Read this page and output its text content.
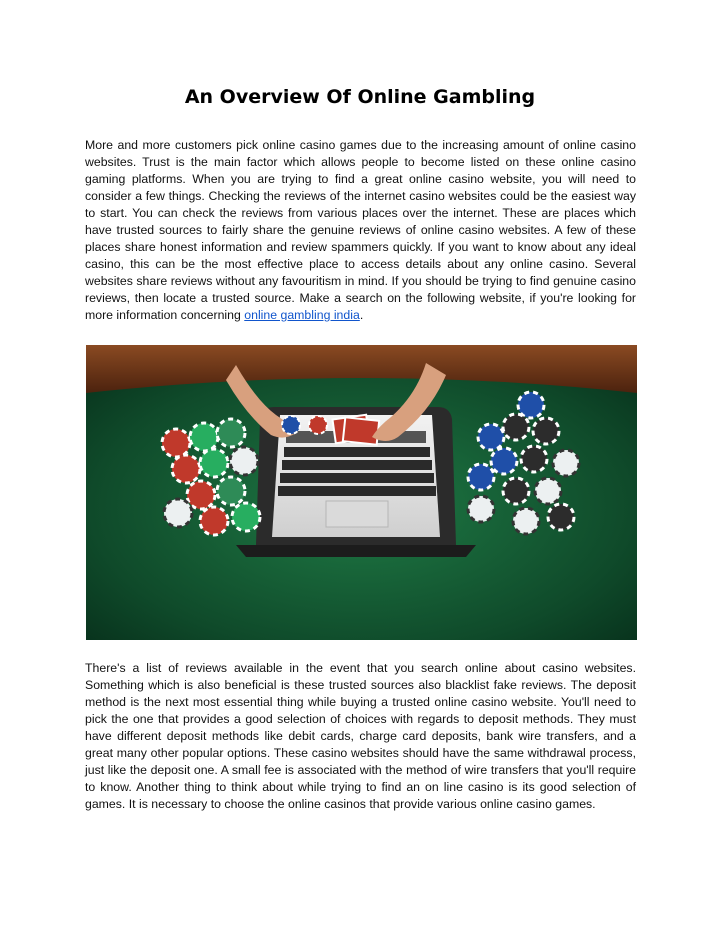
An Overview Of Online Gambling

More and more customers pick online casino games due to the increasing amount of online casino websites. Trust is the main factor which allows people to become listed on these online casino gaming platforms. When you are trying to find a great online casino website, you will need to consider a few things. Checking the reviews of the internet casino websites could be the easiest way to start. You can check the reviews from various places over the internet. These are places which have trusted sources to fairly share the genuine reviews of online casino websites. A few of these places share honest information and review spammers quickly. If you want to know about any ideal casino, this can be the most effective place to access details about any online casino. Several websites share reviews without any favouritism in mind. If you should be trying to find genuine casino reviews, then locate a trusted source. Make a search on the following website, if you're looking for more information concerning online gambling india.

There's a list of reviews available in the event that you search online about casino websites. Something which is also beneficial is these trusted sources also blacklist fake reviews. The deposit method is the next most essential thing while buying a trusted online casino website. You'll need to pick the one that provides a good selection of choices with regards to deposit methods. They must have different deposit methods like debit cards, charge card deposits, bank wire transfers, and a great many other popular options. These casino websites should have the same withdrawal process, just like the deposit one. A small fee is associated with the method of wire transfers that you'll require to know. Another thing to think about while trying to find an on line casino is its good selection of games. It is necessary to choose the online casinos that provide various online casino games.
